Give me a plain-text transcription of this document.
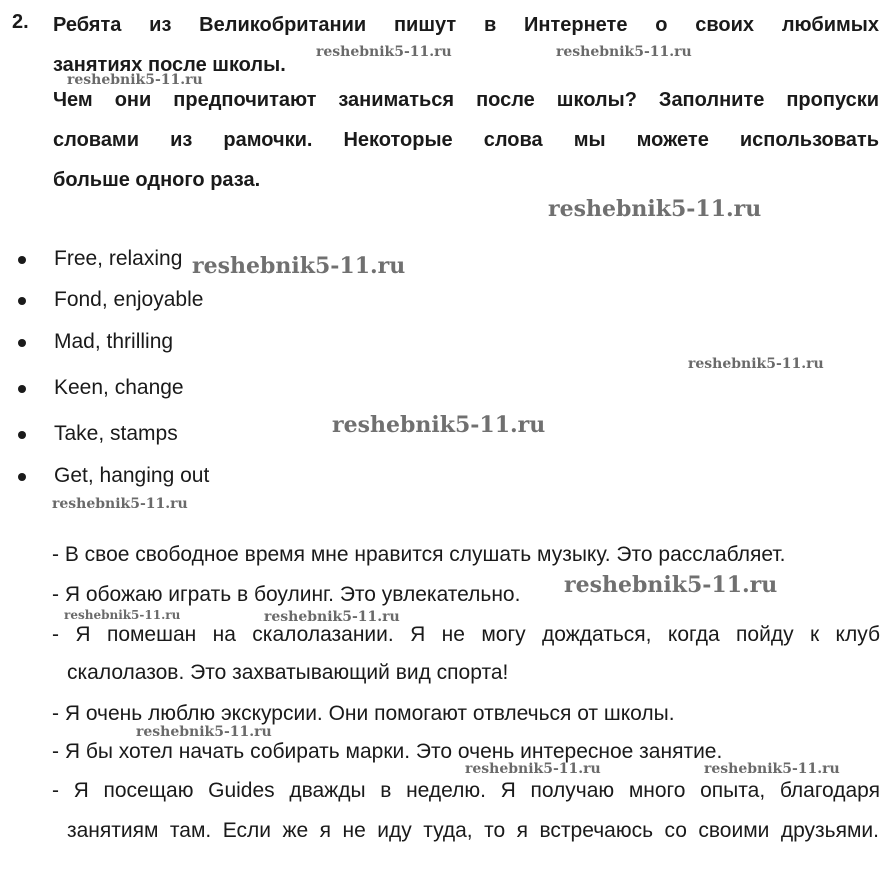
2. Ребята из Великобритании пишут в Интернете о своих любимых
занятиях после школы.
Чем они предпочитают заниматься после школы? Заполните пропуски
словами из рамочки. Некоторые слова мы можете использовать
больше одного раза.
Free, relaxing
Fond, enjoyable
Mad, thrilling
Keen, change
Take, stamps
Get, hanging out
- В свое свободное время мне нравится слушать музыку. Это расслабляет.
- Я обожаю играть в боулинг. Это увлекательно.
- Я помешан на скалолазании. Я не могу дождаться, когда пойду к клуб
скалолазов. Это захватывающий вид спорта!
- Я очень люблю экскурсии. Они помогают отвлечься от школы.
- Я бы хотел начать собирать марки. Это очень интересное занятие.
- Я посещаю Guides дважды в неделю. Я получаю много опыта, благодаря
занятиям там. Если же я не иду туда, то я встречаюсь со своими друзьями.
reshebnik5-11.ru	reshebnik5-11.ru
reshebnik5-11.ru
reshebnik5-11.ru
reshebnik5-11.ru
reshebnik5-11.ru
reshebnik5-11.ru
reshebnik5-11.ru
reshebnik5-11.ru
reshebnik5-11.ru	reshebnik5-11.ru
reshebnik5-11.ru
reshebnik5-11.ru	reshebnik5-11.ru
